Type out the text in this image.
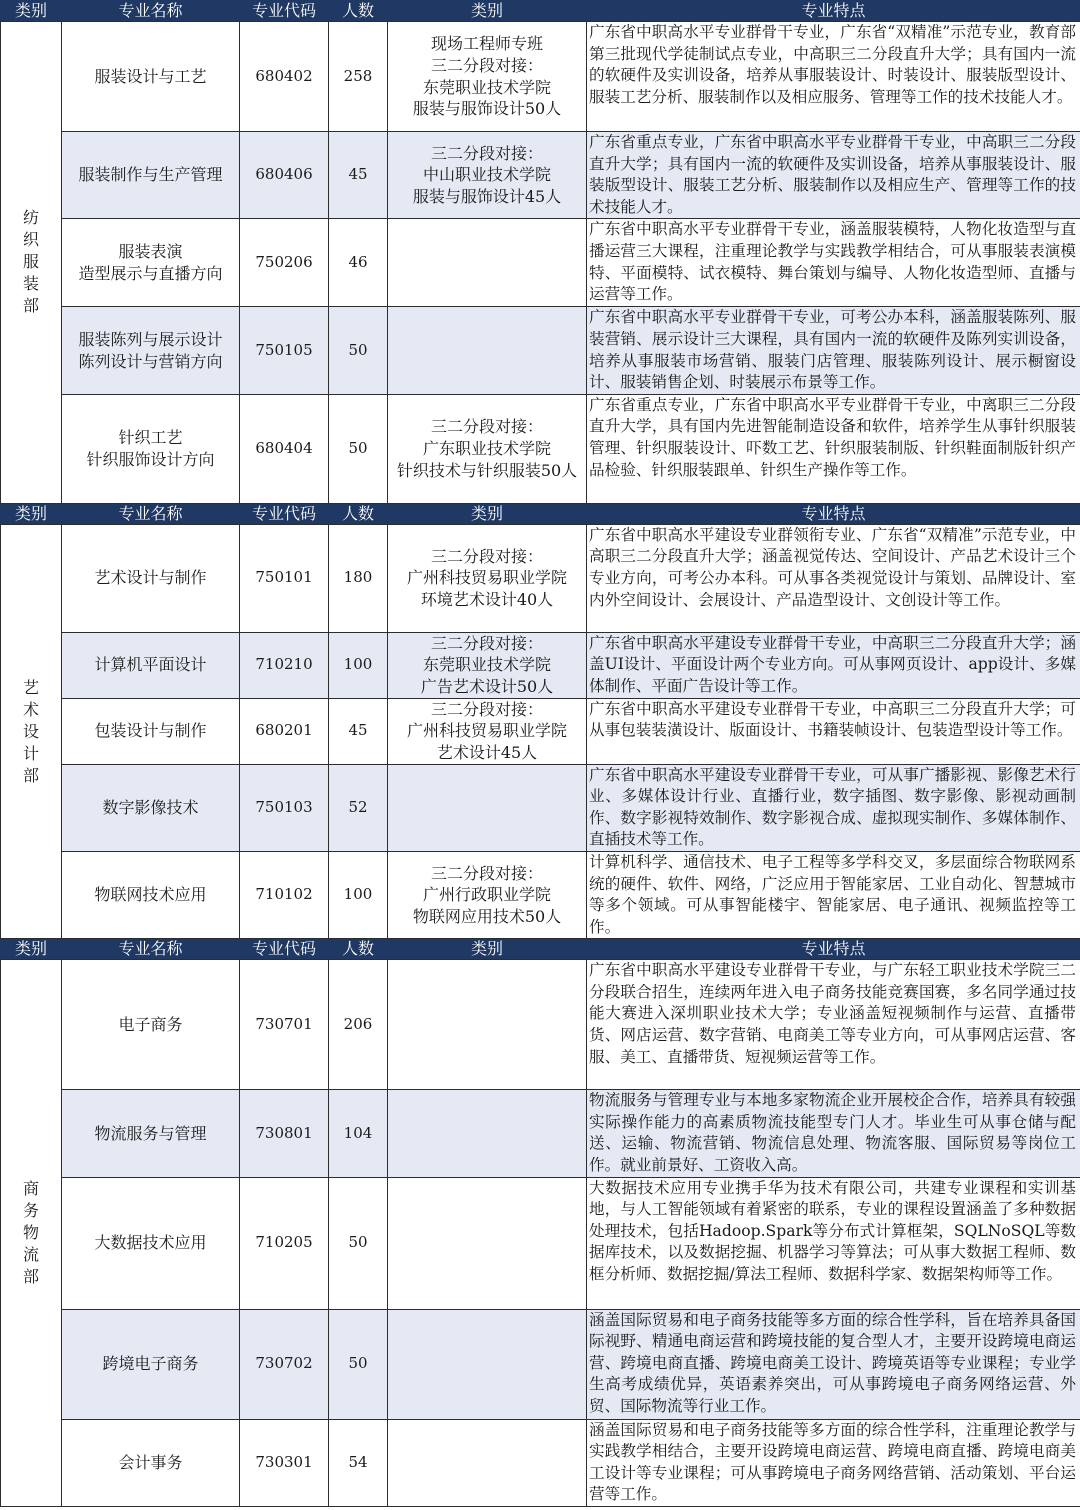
类别	专业名称	专业代码	人数	类别	专业特点

纺
织
服
装
部	服装设计与工艺	680402	258	现场工程师专班
三二分段对接：
东莞职业技术学院
服装与服饰设计50人	广东省中职高水平专业群骨干专业，广东省“双精准”示范专业，教育部第三批现代学徒制试点专业，中高职三二分段直升大学；具有国内一流的软硬件及实训设备，培养从事服装设计、时装设计、服装版型设计、服装工艺分析、服装制作以及相应服务、管理等工作的技术技能人才。
	服装制作与生产管理	680406	45	三二分段对接：
中山职业技术学院
服装与服饰设计45人	广东省重点专业，广东省中职高水平专业群骨干专业，中高职三二分段直升大学；具有国内一流的软硬件及实训设备，培养从事服装设计、服装版型设计、服装工艺分析、服装制作以及相应生产、管理等工作的技术技能人才。
	服装表演
造型展示与直播方向	750206	46		广东省中职高水平专业群骨干专业，涵盖服装模特，人物化妆造型与直播运营三大课程，注重理论教学与实践教学相结合，可从事服装表演模特、平面模特、试衣模特、舞台策划与编导、人物化妆造型师、直播与运营等工作。
	服装陈列与展示设计
陈列设计与营销方向	750105	50		广东省中职高水平专业群骨干专业，可考公办本科，涵盖服装陈列、服装营销、展示设计三大课程，具有国内一流的软硬件及陈列实训设备，培养从事服装市场营销、服装门店管理、服装陈列设计、展示橱窗设计、服装销售企划、时装展示布景等工作。
	针织工艺
针织服饰设计方向	680404	50	三二分段对接：
广东职业技术学院
针织技术与针织服装50人	广东省重点专业，广东省中职高水平专业群骨干专业，中离职三二分段直升大学，具有国内先进智能制造设备和软件，培养学生从事针织服装管理、针织服装设计、吓数工艺、针织服装制版、针织鞋面制版针织产品检验、针织服装跟单、针织生产操作等工作。
类别	专业名称	专业代码	人数	类别	专业特点

艺
术
设
计
部	艺术设计与制作	750101	180	三二分段对接：
广州科技贸易职业学院
环境艺术设计40人	广东省中职高水平建设专业群领衔专业、广东省“双精准”示范专业，中高职三二分段直升大学；涵盖视觉传达、空间设计、产品艺术设计三个专业方向，可考公办本科。可从事各类视觉设计与策划、品牌设计、室内外空间设计、会展设计、产品造型设计、文创设计等工作。
	计算机平面设计	710210	100	三二分段对接：
东莞职业技术学院
广告艺术设计50人	广东省中职高水平建设专业群骨干专业，中高职三二分段直升大学；涵盖UI设计、平面设计两个专业方向。可从事网页设计、app设计、多媒体制作、平面广告设计等工作。
	包装设计与制作	680201	45	三二分段对接：
广州科技贸易职业学院
艺术设计45人	广东省中职高水平建设专业群骨干专业，中高职三二分段直升大学；可从事包装装潢设计、版面设计、书籍装帧设计、包装造型设计等工作。
	数字影像技术	750103	52		广东省中职高水平建设专业群骨干专业，可从事广播影视、影像艺术行业、多媒体设计行业、直播行业，数字插图、数字影像、影视动画制作、数字影视特效制作、数字影视合成、虚拟现实制作、多媒体制作、直插技术等工作。
	物联网技术应用	710102	100	三二分段对接：
广州行政职业学院
物联网应用技术50人	计算机科学、通信技术、电子工程等多学科交叉，多层面综合物联网系统的硬件、软件、网络，广泛应用于智能家居、工业自动化、智慧城市等多个领域。可从事智能楼宇、智能家居、电子通讯、视频监控等工作。
类别	专业名称	专业代码	人数	类别	专业特点

商
务
物
流
部	电子商务	730701	206		广东省中职高水平建设专业群骨干专业，与广东轻工职业技术学院三二分段联合招生，连续两年进入电子商务技能竞赛国赛，多名同学通过技能大赛进入深圳职业技术大学；专业涵盖短视频制作与运营、直播带货、网店运营、数字营销、电商美工等专业方向，可从事网店运营、客服、美工、直播带货、短视频运营等工作。
	物流服务与管理	730801	104		物流服务与管理专业与本地多家物流企业开展校企合作，培养具有较强实际操作能力的高素质物流技能型专门人才。毕业生可从事仓储与配送、运输、物流营销、物流信息处理、物流客服、国际贸易等岗位工作。就业前景好、工资收入高。
	大数据技术应用	710205	50		大数据技术应用专业携手华为技术有限公司，共建专业课程和实训基地，与人工智能领域有着紧密的联系，专业的课程设置涵盖了多种数据处理技术，包括Hadoop.Spark等分布式计算框架，SQLNoSQL等数据库技术，以及数据挖掘、机器学习等算法；可从事大数据工程师、数框分析师、数据挖掘/算法工程师、数据科学家、数据架构师等工作。
	跨境电子商务	730702	50		涵盖国际贸易和电子商务技能等多方面的综合性学科，旨在培养具备国际视野、精通电商运营和跨境技能的复合型人才，主要开设跨境电商运营、跨境电商直播、跨境电商美工设计、跨境英语等专业课程；专业学生高考成绩优异，英语素养突出，可从事跨境电子商务网络运营、外贸、国际物流等行业工作。
	会计事务	730301	54		涵盖国际贸易和电子商务技能等多方面的综合性学科，注重理论教学与实践教学相结合，主要开设跨境电商运营、跨境电商直播、跨境电商美工设计等专业课程；可从事跨境电子商务网络营销、活动策划、平台运营等工作。
